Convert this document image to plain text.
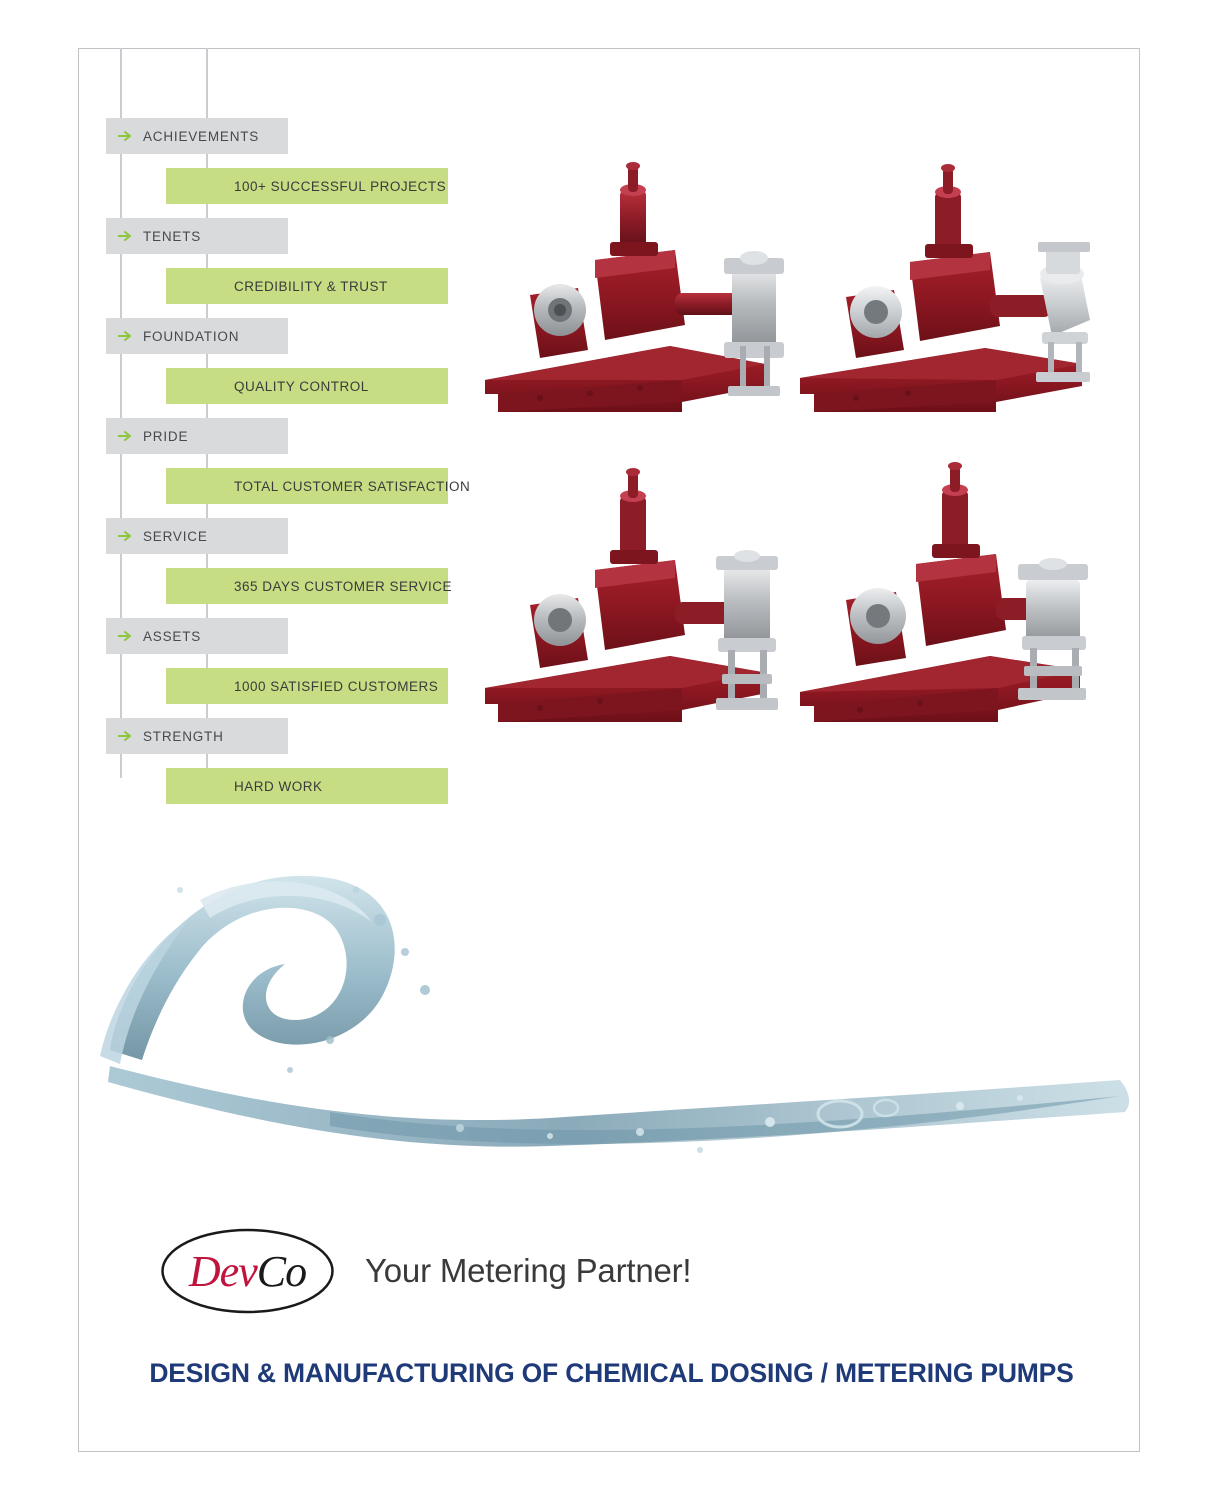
ACHIEVEMENTS
100+ SUCCESSFUL PROJECTS
TENETS
CREDIBILITY & TRUST
FOUNDATION
QUALITY CONTROL
PRIDE
TOTAL CUSTOMER SATISFACTION
SERVICE
365 DAYS CUSTOMER SERVICE
ASSETS
1000 SATISFIED CUSTOMERS
STRENGTH
HARD WORK
Dev Co Your Metering Partner!
DESIGN & MANUFACTURING OF CHEMICAL DOSING / METERING PUMPS
